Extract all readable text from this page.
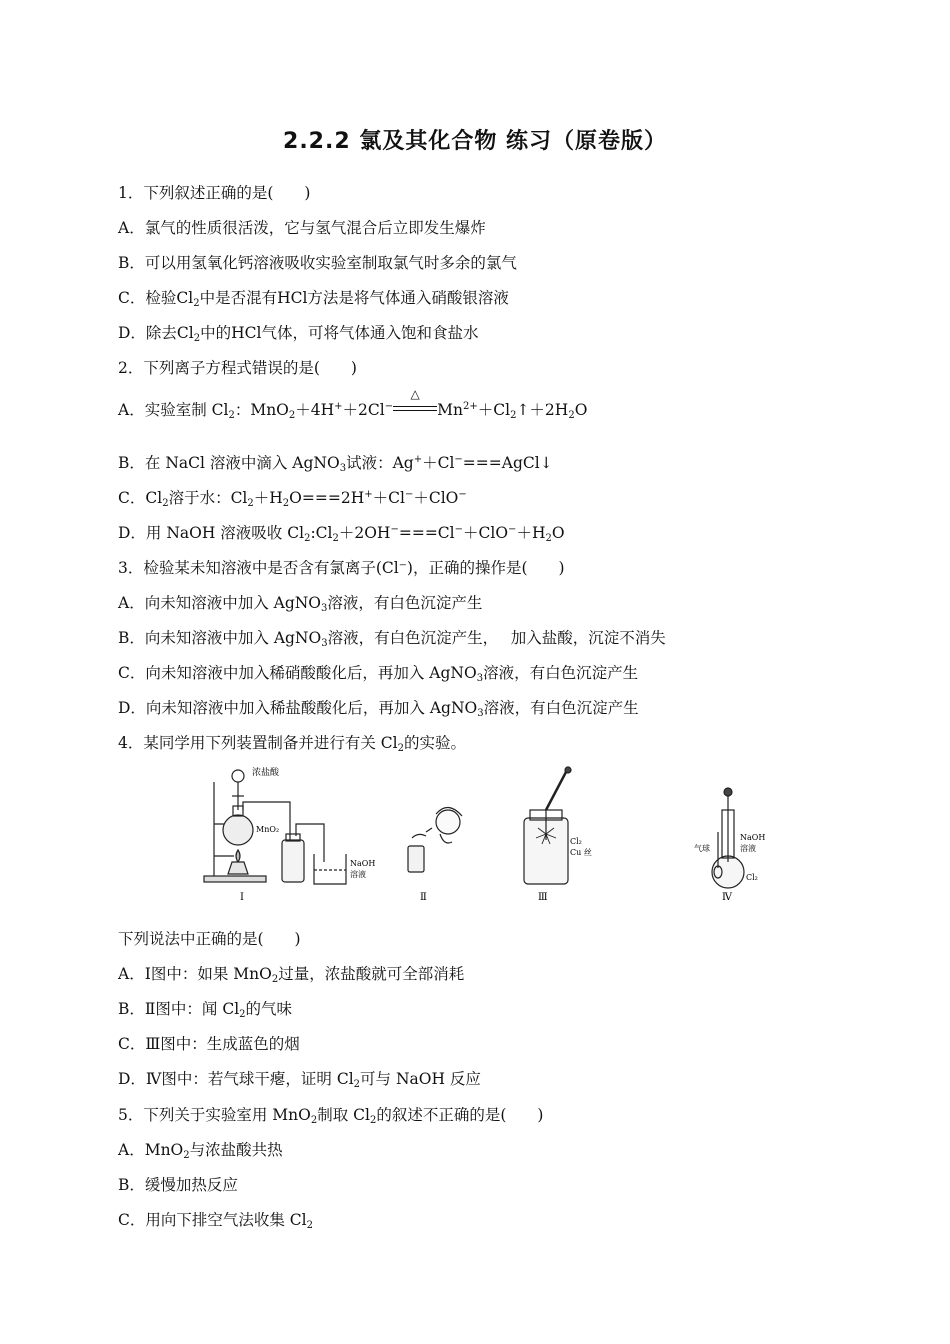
2.2.2 氯及其化合物 练习（原卷版）
1．下列叙述正确的是(　　)
A．氯气的性质很活泼，它与氢气混合后立即发生爆炸
B．可以用氢氧化钙溶液吸收实验室制取氯气时多余的氯气
C．检验$Cl_2$中是否混有HCl方法是将气体通入硝酸银溶液
D．除去$Cl_2$中的HCl气体，可将气体通入饱和食盐水
2．下列离子方程式错误的是(　　)
A．实验室制 $Cl_2$：MnO$_2$＋4H+＋2Cl−
△
$Mn^{2+}+Cl_2↑+2H_2O$
B．在 NaCl 溶液中滴入 AgNO$_3$试液：Ag+＋Cl−===AgCl↓
C．$Cl_2$溶于水：$Cl_2+H_2O===2H^++Cl^-+ClO^-$
D．用 NaOH 溶液吸收 $Cl_2:Cl_2+2OH^-===Cl^-+ClO^-+H_2O$
3．检验某未知溶液中是否含有氯离子(Cl⁻)，正确的操作是(　　)
A．向未知溶液中加入 AgNO$_3$溶液，有白色沉淀产生
B．向未知溶液中加入 AgNO$_3$溶液，有白色沉淀产生，　 加入盐酸，沉淀不消失
C．向未知溶液中加入稀硝酸酸化后，再加入 AgNO$_3$溶液，有白色沉淀产生
D．向未知溶液中加入稀盐酸酸化后，再加入 AgNO$_3$溶液，有白色沉淀产生
4．某同学用下列装置制备并进行有关 $Cl_2$的实验。
浓盐酸
MnO₂
NaOH
溶液
Ⅰ	Ⅱ
Cl₂
Cu 丝
Ⅲ
NaOH
溶液
气球
Cl₂
Ⅳ
下列说法中正确的是(　　)
A．Ⅰ图中：如果 MnO$_2$过量，浓盐酸就可全部消耗
B．Ⅱ图中：闻 $Cl_2$的气味
C．Ⅲ图中：生成蓝色的烟
D．Ⅳ图中：若气球干瘪，证明 $Cl_2$可与 NaOH 反应
5．下列关于实验室用 MnO$_2$制取 $Cl_2$的叙述不正确的是(　　)
A．MnO$_2$与浓盐酸共热
B．缓慢加热反应
C．用向下排空气法收集 $Cl_2$
